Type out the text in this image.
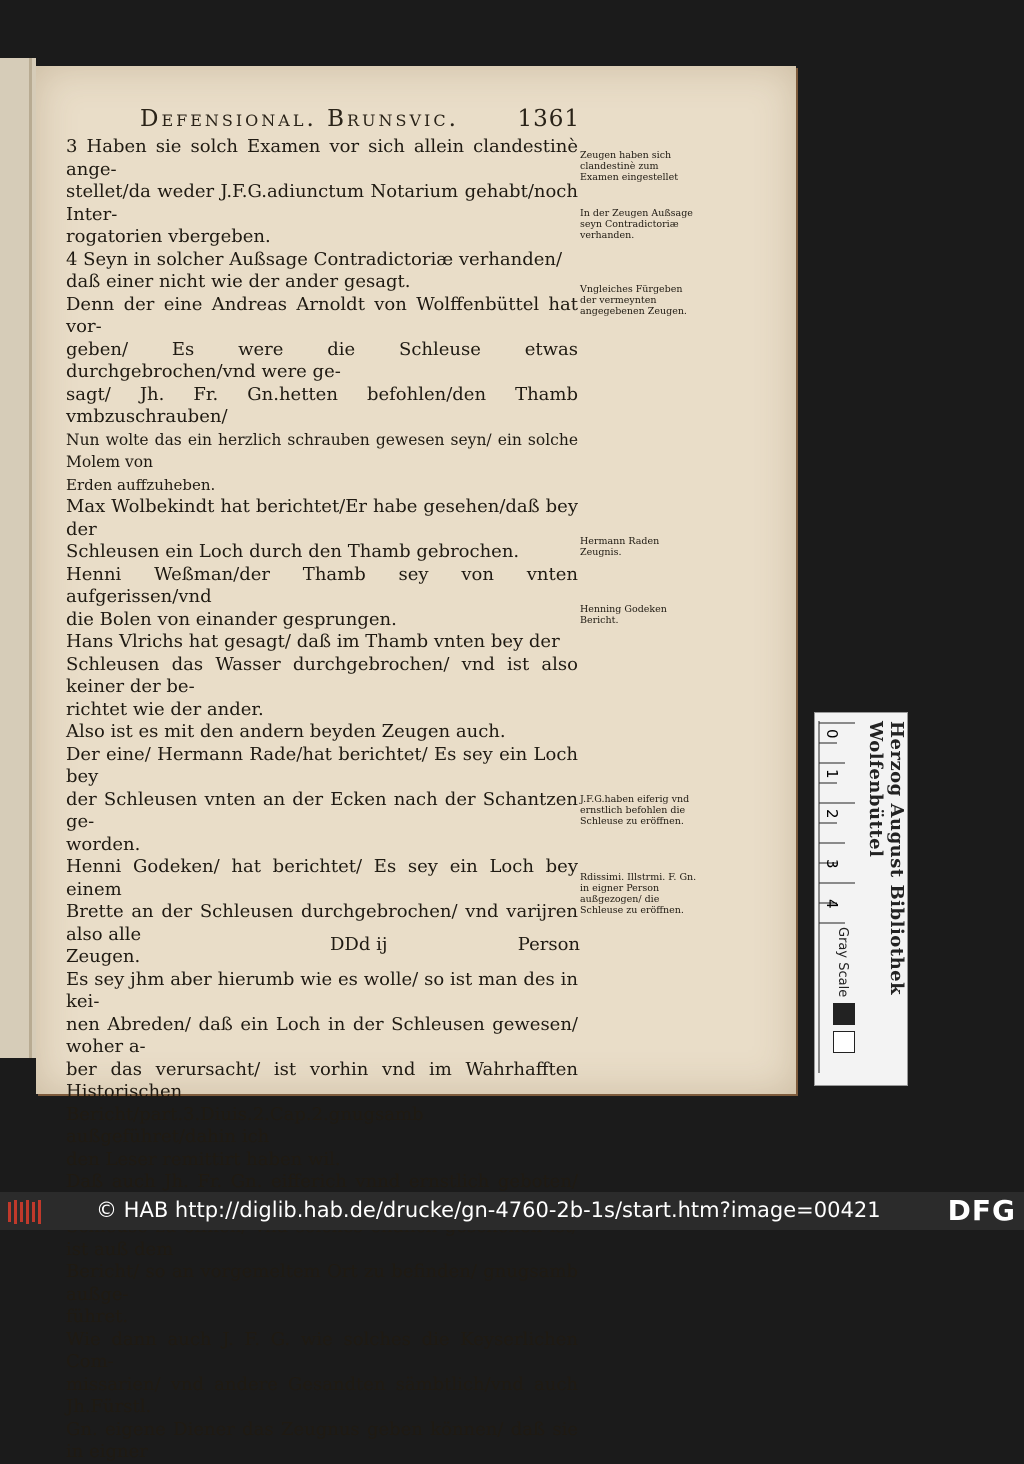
Defensional. Brunsvic.	1361

3 Haben sie solch Examen vor sich allein clandestinè ange-

stellet/da weder J.F.G.adiunctum Notarium gehabt/noch Inter-

rogatorien vbergeben.

4 Seyn in solcher Außsage Contradictoriæ verhanden/

daß einer nicht wie der ander gesagt.

Denn der eine Andreas Arnoldt von Wolffenbüttel hat vor-

geben/ Es were die Schleuse etwas durchgebrochen/vnd were ge-

sagt/ Jh. Fr. Gn.hetten befohlen/den Thamb vmbzuschrauben/

Nun wolte das ein herzlich schrauben gewesen seyn/ ein solche Molem von

Erden auffzuheben.

Max Wolbekindt hat berichtet/Er habe gesehen/daß bey der

Schleusen ein Loch durch den Thamb gebrochen.

Henni Weßman/der Thamb sey von vnten aufgerissen/vnd

die Bolen von einander gesprungen.

Hans Vlrichs hat gesagt/ daß im Thamb vnten bey der

Schleusen das Wasser durchgebrochen/ vnd ist also keiner der be-

richtet wie der ander.

Also ist es mit den andern beyden Zeugen auch.

Der eine/ Hermann Rade/hat berichtet/ Es sey ein Loch bey

der Schleusen vnten an der Ecken nach der Schantzen ge-

worden.

Henni Godeken/ hat berichtet/ Es sey ein Loch bey einem

Brette an der Schleusen durchgebrochen/ vnd varijren also alle

Zeugen.

Es sey jhm aber hierumb wie es wolle/ so ist man des in kei-

nen Abreden/ daß ein Loch in der Schleusen gewesen/ woher a-

ber das verursacht/ ist vorhin vnd im Wahrhafften Historischen

Bericht/part.3.Diuis.2.Cap.2.gnugsamb außgeführet/dahin ich

den Leser remittirt haben wil.

Daß auch Jh. Fr. Gn. eifferich vnnd ernstlich geboten/

ist auß dem

Bericht/ so an vorgemeltem Ort zu befinden/ gnugsamb außge-

führet.

Wie dann auch J. F. G. wie solches die Keyserlichen Com-

missarien/ vnd andere Gesandten sämbtlich/vnd auch Jh.Fürstl.

Gn. eigene Diener das Zeugnus geben können/ daß sie in eigner

Zeugen haben sich clandestinè zum Examen eingestellet
In der Zeugen Außsage seyn Contradictoriæ verhanden.
Vngleiches Fürgeben der vermeynten angegebenen Zeugen.
Hermann Raden Zeugnis.
Henning Godeken Bericht.
J.F.G.haben eiferig vnd ernstlich befohlen die Schleuse zu eröffnen.
Rdissimi. Illstrmi. F. Gn. in eigner Person außgezogen/ die Schleuse zu eröffnen.
DDd ij	Person
0
1
2
3
4
Gray Scale	Herzog August Bibliothek Wolfenbüttel
© HAB http://diglib.hab.de/drucke/gn-4760-2b-1s/start.htm?image=00421 DFG
